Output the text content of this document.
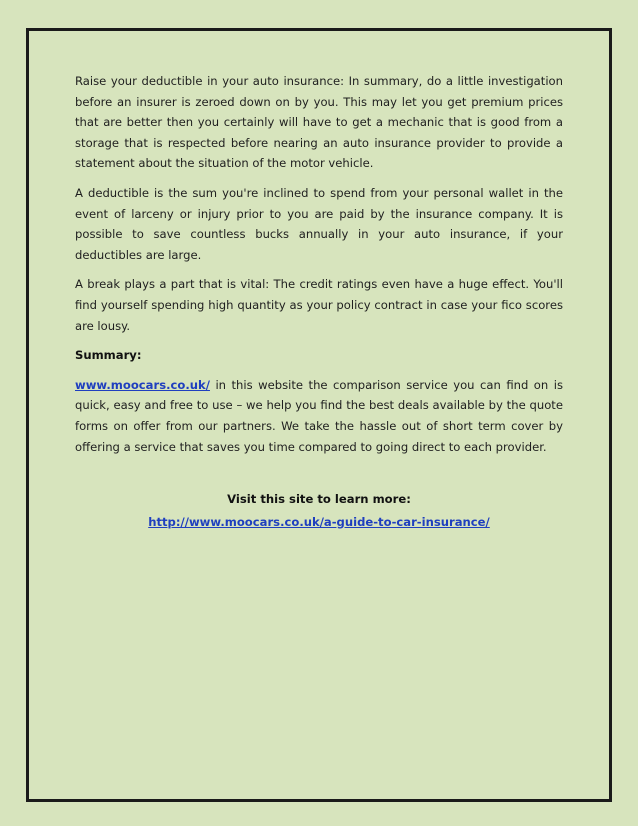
Raise your deductible in your auto insurance: In summary, do a little investigation before an insurer is zeroed down on by you. This may let you get premium prices that are better then you certainly will have to get a mechanic that is good from a storage that is respected before nearing an auto insurance provider to provide a statement about the situation of the motor vehicle.

A deductible is the sum you're inclined to spend from your personal wallet in the event of larceny or injury prior to you are paid by the insurance company. It is possible to save countless bucks annually in your auto insurance, if your deductibles are large.

A break plays a part that is vital: The credit ratings even have a huge effect. You'll find yourself spending high quantity as your policy contract in case your fico scores are lousy.

Summary:

www.moocars.co.uk/ in this website the comparison service you can find on is quick, easy and free to use – we help you find the best deals available by the quote forms on offer from our partners. We take the hassle out of short term cover by offering a service that saves you time compared to going direct to each provider.

Visit this site to learn more:

http://www.moocars.co.uk/a-guide-to-car-insurance/
